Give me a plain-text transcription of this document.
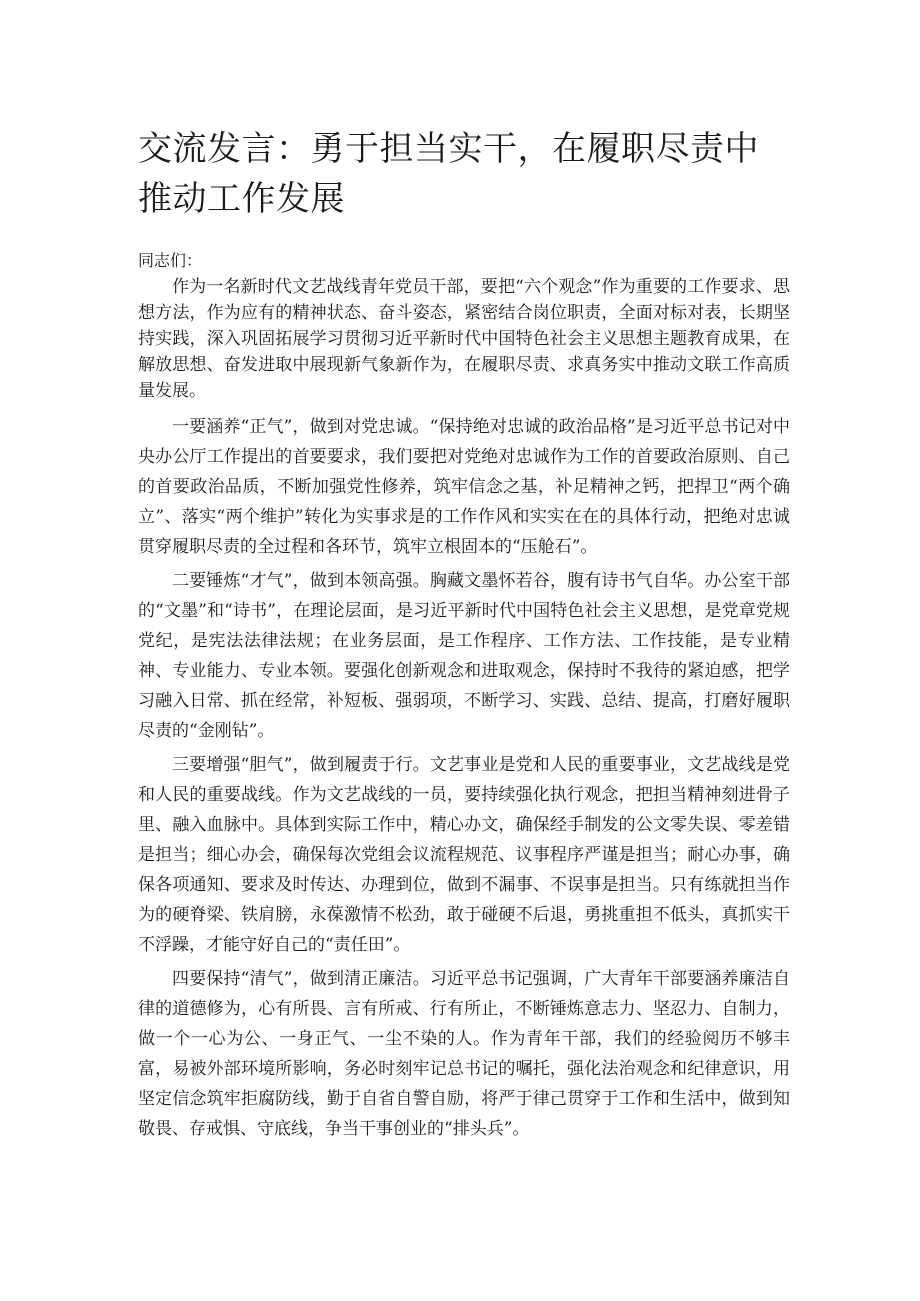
交流发言：勇于担当实干，在履职尽责中推动工作发展

同志们：

作为一名新时代文艺战线青年党员干部，要把“六个观念”作为重要的工作要求、思想方法，作为应有的精神状态、奋斗姿态，紧密结合岗位职责，全面对标对表，长期坚持实践，深入巩固拓展学习贯彻习近平新时代中国特色社会主义思想主题教育成果，在解放思想、奋发进取中展现新气象新作为，在履职尽责、求真务实中推动文联工作高质量发展。

一要涵养“正气”，做到对党忠诚。“保持绝对忠诚的政治品格”是习近平总书记对中央办公厅工作提出的首要要求，我们要把对党绝对忠诚作为工作的首要政治原则、自己的首要政治品质，不断加强党性修养，筑牢信念之基，补足精神之钙，把捍卫“两个确立”、落实“两个维护”转化为实事求是的工作作风和实实在在的具体行动，把绝对忠诚贯穿履职尽责的全过程和各环节，筑牢立根固本的“压舱石”。

二要锤炼“才气”，做到本领高强。胸藏文墨怀若谷，腹有诗书气自华。办公室干部的“文墨”和“诗书”，在理论层面，是习近平新时代中国特色社会主义思想，是党章党规党纪，是宪法法律法规；在业务层面，是工作程序、工作方法、工作技能，是专业精神、专业能力、专业本领。要强化创新观念和进取观念，保持时不我待的紧迫感，把学习融入日常、抓在经常，补短板、强弱项，不断学习、实践、总结、提高，打磨好履职尽责的“金刚钻”。

三要增强“胆气”，做到履责于行。文艺事业是党和人民的重要事业，文艺战线是党和人民的重要战线。作为文艺战线的一员，要持续强化执行观念，把担当精神刻进骨子里、融入血脉中。具体到实际工作中，精心办文，确保经手制发的公文零失误、零差错是担当；细心办会，确保每次党组会议流程规范、议事程序严谨是担当；耐心办事，确保各项通知、要求及时传达、办理到位，做到不漏事、不误事是担当。只有练就担当作为的硬脊梁、铁肩膀，永葆激情不松劲，敢于碰硬不后退，勇挑重担不低头，真抓实干不浮躁，才能守好自己的“责任田”。

四要保持“清气”，做到清正廉洁。习近平总书记强调，广大青年干部要涵养廉洁自律的道德修为，心有所畏、言有所戒、行有所止，不断锤炼意志力、坚忍力、自制力，做一个一心为公、一身正气、一尘不染的人。作为青年干部，我们的经验阅历不够丰富，易被外部环境所影响，务必时刻牢记总书记的嘱托，强化法治观念和纪律意识，用坚定信念筑牢拒腐防线，勤于自省自警自励，将严于律己贯穿于工作和生活中，做到知敬畏、存戒惧、守底线，争当干事创业的“排头兵”。
